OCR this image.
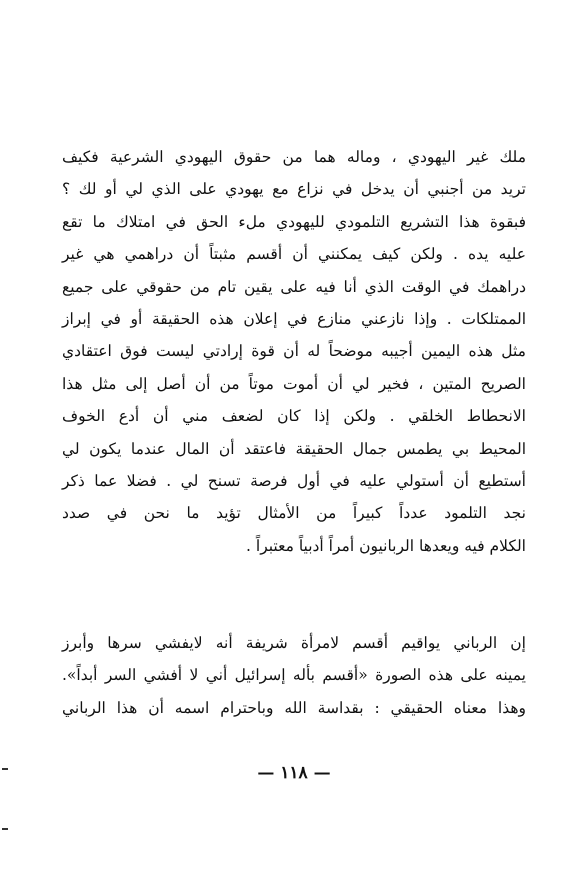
ملك غير اليهودي ، وماله هما من حقوق اليهودي الشرعية فكيف
تريد من أجنبي أن يدخل في نزاع مع يهودي على الذي لي أو لك ؟
فبقوة هذا التشريع التلمودي لليهودي ملء الحق في امتلاك ما تقع
عليه يده . ولكن كيف يمكنني أن أقسم مثبتاً أن دراهمي هي غير
دراهمك في الوقت الذي أنا فيه على يقين تام من حقوقي على جميع
الممتلكات . وإذا نازعني منازع في إعلان هذه الحقيقة أو في إبراز
مثل هذه اليمين أجيبه موضحاً له أن قوة إرادتي ليست فوق اعتقادي
الصريح المتين ، فخير لي أن أموت موتاً من أن أصل إلى مثل هذا
الانحطاط الخلقي . ولكن إذا كان لضعف مني أن أدع الخوف
المحيط بي يطمس جمال الحقيقة فاعتقد أن المال عندما يكون لي
أستطيع أن أستولي عليه في أول فرصة تسنح لي . فضلا عما ذكر
نجد التلمود عدداً كبيراً من الأمثال تؤيد ما نحن في صدد
الكلام فيه ويعدها الربانيون أمراً أدبياً معتبراً .
إن الرباني يواقيم أقسم لامرأة شريفة أنه لايفشي سرها وأبرز
يمينه على هذه الصورة «أقسم بأله إسرائيل أني لا أفشي السر أبداً».
وهذا معناه الحقيقي : بقداسة الله وباحترام اسمه أن هذا الرباني
— ١١٨ —
